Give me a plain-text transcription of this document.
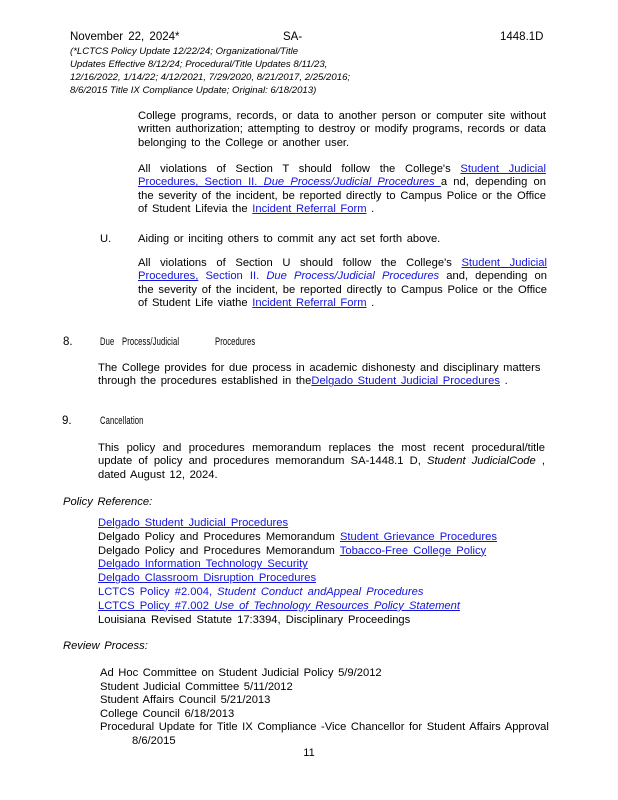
November 22, 2024*	SA-	1448.1D
(*LCTCS Policy Update 12/22/24; Organizational/Title
Updates Effective 8/12/24; Procedural/Title Updates 8/11/23,
12/16/2022, 1/14/22; 4/12/2021, 7/29/2020, 8/21/2017, 2/25/2016;
8/6/2015 Title IX Compliance Update; Original: 6/18/2013)
College programs, records, or data to another person or computer site without written authorization; attempting to destroy or modify programs, records or data belonging to the College or another user.
All violations of Section T should follow the College's Student Judicial Procedures, Section II. Due Process/Judicial Procedures a nd, depending on the severity of the incident, be reported directly to Campus Police or the Office of Student Lifevia the Incident Referral Form .
U. Aiding or inciting others to commit any act set forth above.
All violations of Section U should follow the College's Student Judicial Procedures, Section II. Due Process/Judicial Procedures and, depending on the severity of the incident, be reported directly to Campus Police or the Office of Student Life viathe Incident Referral Form .
8. Due Process/Judicial	Procedures
The College provides for due process in academic dishonesty and disciplinary matters through the procedures established in theDelgado Student Judicial Procedures .
9.	Cancellation
This policy and procedures memorandum replaces the most recent procedural/title update of policy and procedures memorandum SA-1448.1 D, Student JudicialCode , dated August 12, 2024.
Policy Reference:
Delgado Student Judicial Procedures
Delgado Policy and Procedures Memorandum Student Grievance Procedures
Delgado Policy and Procedures Memorandum Tobacco-Free College Policy
Delgado Information Technology Security
Delgado Classroom Disruption Procedures
LCTCS Policy #2.004, Student Conduct andAppeal Procedures
LCTCS Policy #7.002 Use of Technology Resources Policy Statement
Louisiana Revised Statute 17:3394, Disciplinary Proceedings
Review Process:
Ad Hoc Committee on Student Judicial Policy 5/9/2012
Student Judicial Committee 5/11/2012
Student Affairs Council 5/21/2013
College Council 6/18/2013
Procedural Update for Title IX Compliance -Vice Chancellor for Student Affairs Approval
8/6/2015
11
